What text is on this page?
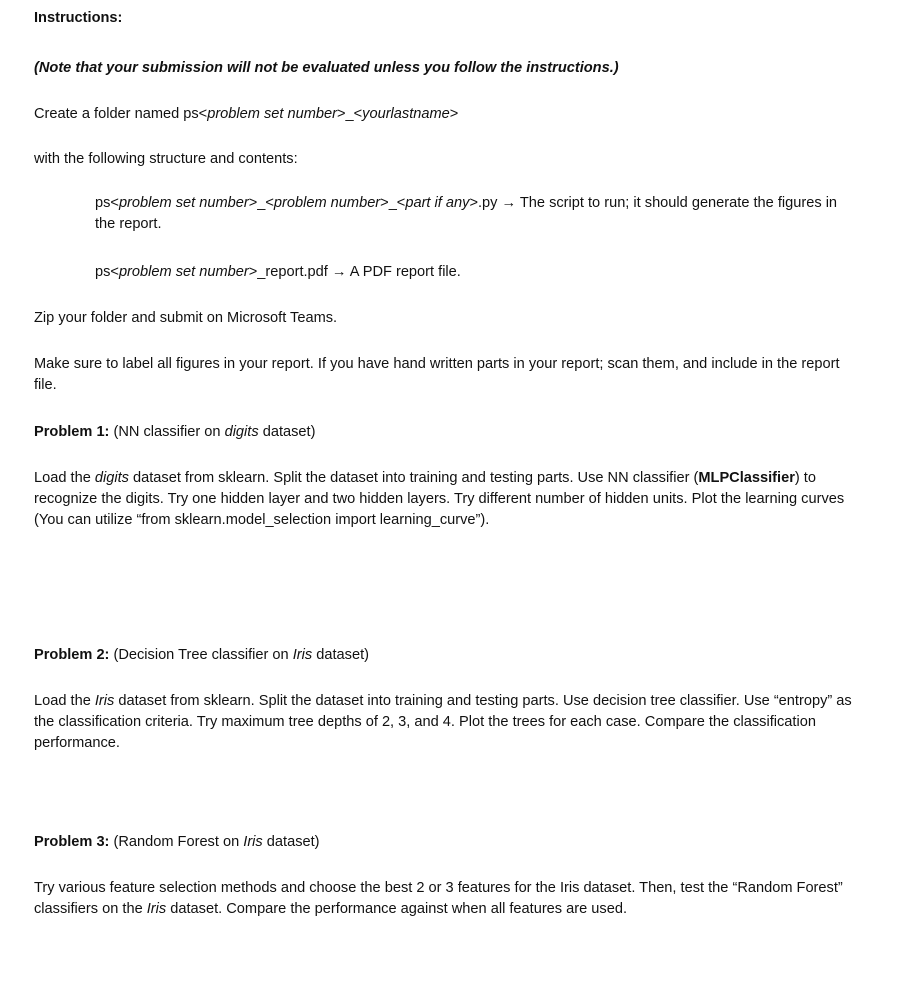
Instructions:

(Note that your submission will not be evaluated unless you follow the instructions.)

Create a folder named ps<problem set number>_<yourlastname>

with the following structure and contents:

ps<problem set number>_<problem number>_<part if any>.py → The script to run; it should generate the figures in the report.

ps<problem set number>_report.pdf → A PDF report file.

Zip your folder and submit on Microsoft Teams.

Make sure to label all figures in your report. If you have hand written parts in your report; scan them, and include in the report file.

Problem 1: (NN classifier on digits dataset)

Load the digits dataset from sklearn. Split the dataset into training and testing parts. Use NN classifier (MLPClassifier) to recognize the digits. Try one hidden layer and two hidden layers. Try different number of hidden units. Plot the learning curves (You can utilize “from sklearn.model_selection import learning_curve”).

Problem 2: (Decision Tree classifier on Iris dataset)

Load the Iris dataset from sklearn. Split the dataset into training and testing parts. Use decision tree classifier. Use “entropy” as the classification criteria. Try maximum tree depths of 2, 3, and 4. Plot the trees for each case. Compare the classification performance.

Problem 3: (Random Forest on Iris dataset)

Try various feature selection methods and choose the best 2 or 3 features for the Iris dataset. Then, test the “Random Forest” classifiers on the Iris dataset. Compare the performance against when all features are used.
